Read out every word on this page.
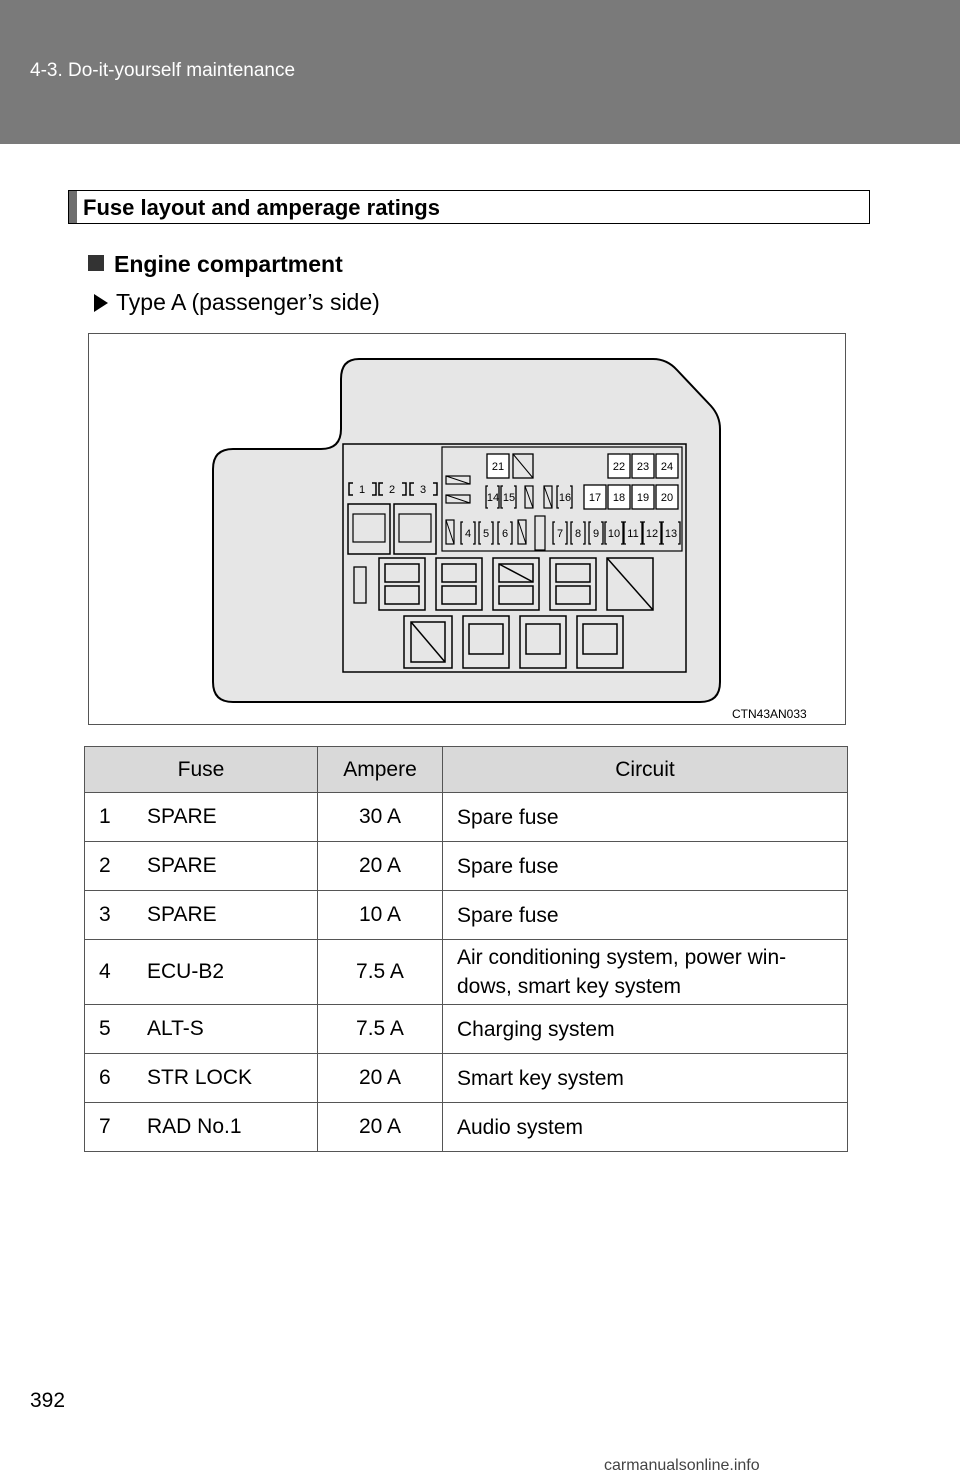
4-3. Do-it-yourself maintenance
Fuse layout and amperage ratings
Engine compartment
Type A (passenger’s side)
1 2 3
21	22 23 24
14 15	16 17 18 19 20
4 5 6	7 8 9 10 11 12 13
CTN43AN033
Fuse		Ampere	Circuit
1	SPARE	30 A	Spare fuse
2	SPARE	20 A	Spare fuse
3	SPARE	10 A	Spare fuse
4	ECU-B2	7.5 A	Air conditioning system, power win-
dows, smart key system
5	ALT-S	7.5 A	Charging system
6	STR LOCK	20 A	Smart key system
7	RAD No.1	20 A	Audio system
392
carmanualsonline.info
